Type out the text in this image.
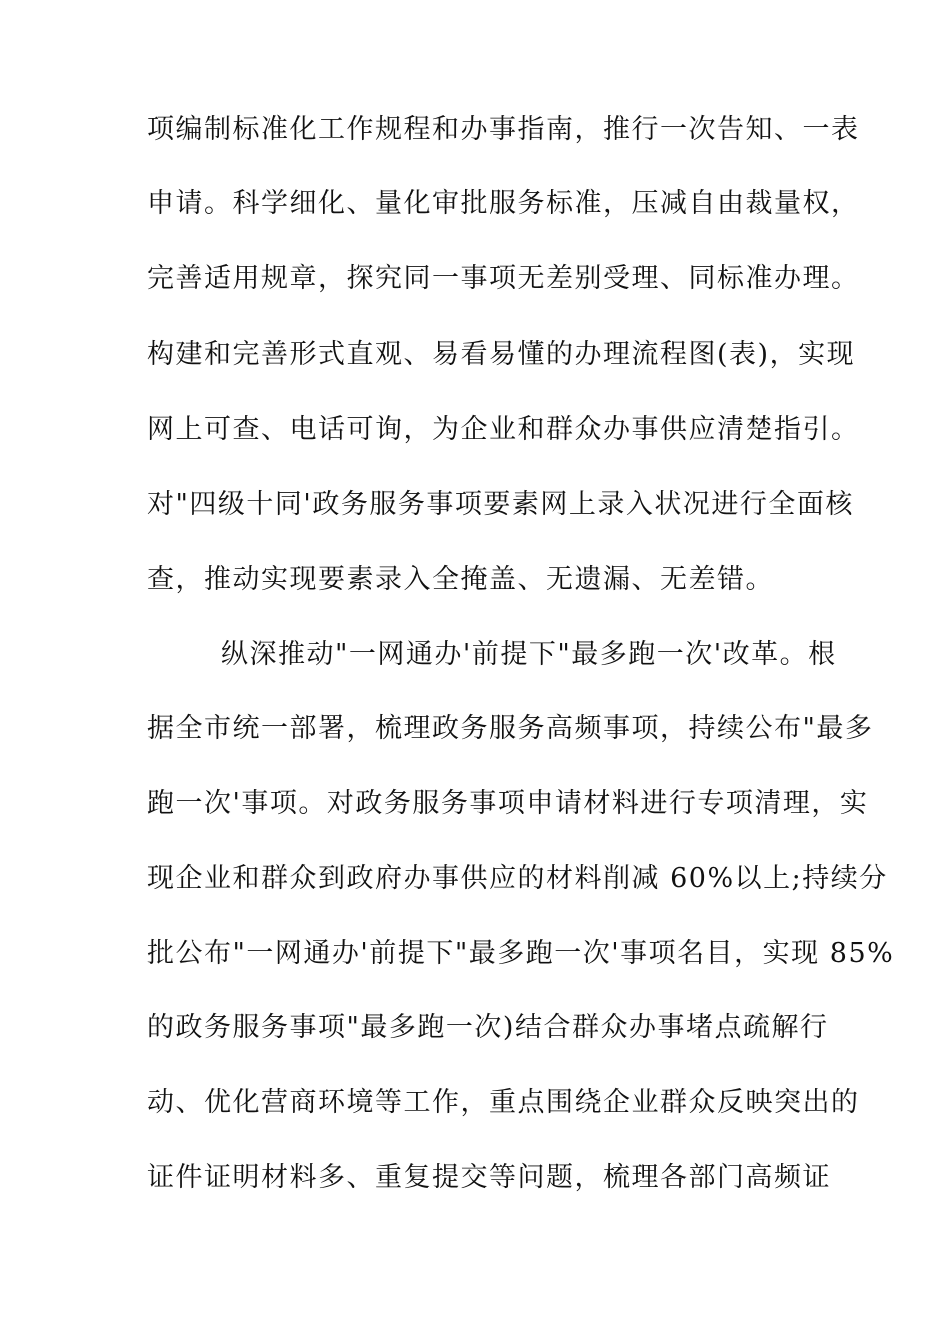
项编制标准化工作规程和办事指南，推行一次告知、一表
申请。科学细化、量化审批服务标准，压减自由裁量权，
完善适用规章，探究同一事项无差别受理、同标准办理。
构建和完善形式直观、易看易懂的办理流程图(表)，实现
网上可查、电话可询，为企业和群众办事供应清楚指引。
对"四级十同'政务服务事项要素网上录入状况进行全面核
查，推动实现要素录入全掩盖、无遗漏、无差错。
纵深推动"一网通办'前提下"最多跑一次'改革。根
据全市统一部署，梳理政务服务高频事项，持续公布"最多
跑一次'事项。对政务服务事项申请材料进行专项清理，实
现企业和群众到政府办事供应的材料削减 60%以上;持续分
批公布"一网通办'前提下"最多跑一次'事项名目，实现 85%
的政务服务事项"最多跑一次)结合群众办事堵点疏解行
动、优化营商环境等工作，重点围绕企业群众反映突出的
证件证明材料多、重复提交等问题，梳理各部门高频证
